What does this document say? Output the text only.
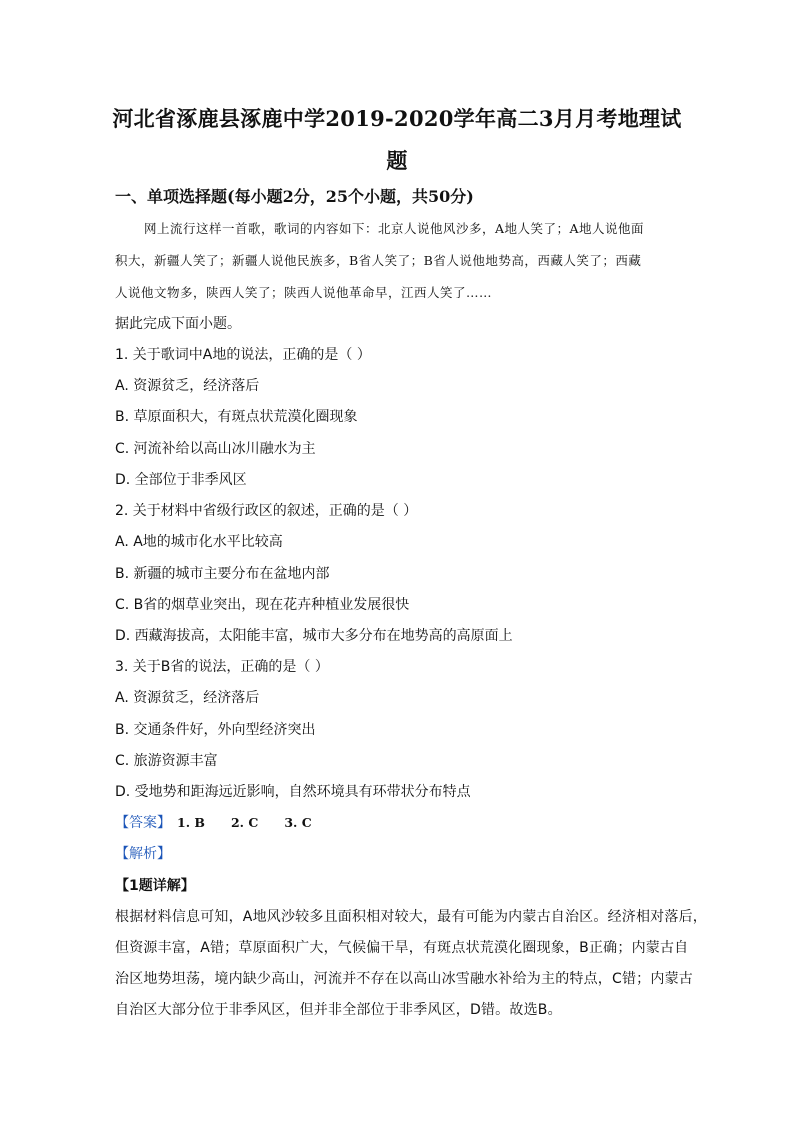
河北省涿鹿县涿鹿中学2019-2020学年高二3月月考地理试
题
一、单项选择题(每小题2分，25个小题，共50分)
网上流行这样一首歌，歌词的内容如下：北京人说他风沙多，A地人笑了；A地人说他面
积大，新疆人笑了；新疆人说他民族多，B省人笑了；B省人说他地势高，西藏人笑了；西藏
人说他文物多，陕西人笑了；陕西人说他革命早，江西人笑了……
据此完成下面小题。
1. 关于歌词中A地的说法，正确的是（ ）
A. 资源贫乏，经济落后
B. 草原面积大，有斑点状荒漠化圈现象
C. 河流补给以高山冰川融水为主
D. 全部位于非季风区
2. 关于材料中省级行政区的叙述，正确的是（ ）
A. A地的城市化水平比较高
B. 新疆的城市主要分布在盆地内部
C. B省的烟草业突出，现在花卉种植业发展很快
D. 西藏海拔高，太阳能丰富，城市大多分布在地势高的高原面上
3. 关于B省的说法，正确的是（ ）
A. 资源贫乏，经济落后
B. 交通条件好，外向型经济突出
C. 旅游资源丰富
D. 受地势和距海远近影响，自然环境具有环带状分布特点
【答案】 1. B 2. C 3. C
【解析】
【1题详解】
根据材料信息可知，A地风沙较多且面积相对较大，最有可能为内蒙古自治区。经济相对落后，
但资源丰富，A错；草原面积广大，气候偏干旱，有斑点状荒漠化圈现象，B正确；内蒙古自
治区地势坦荡，境内缺少高山，河流并不存在以高山冰雪融水补给为主的特点，C错；内蒙古
自治区大部分位于非季风区，但并非全部位于非季风区，D错。故选B。
